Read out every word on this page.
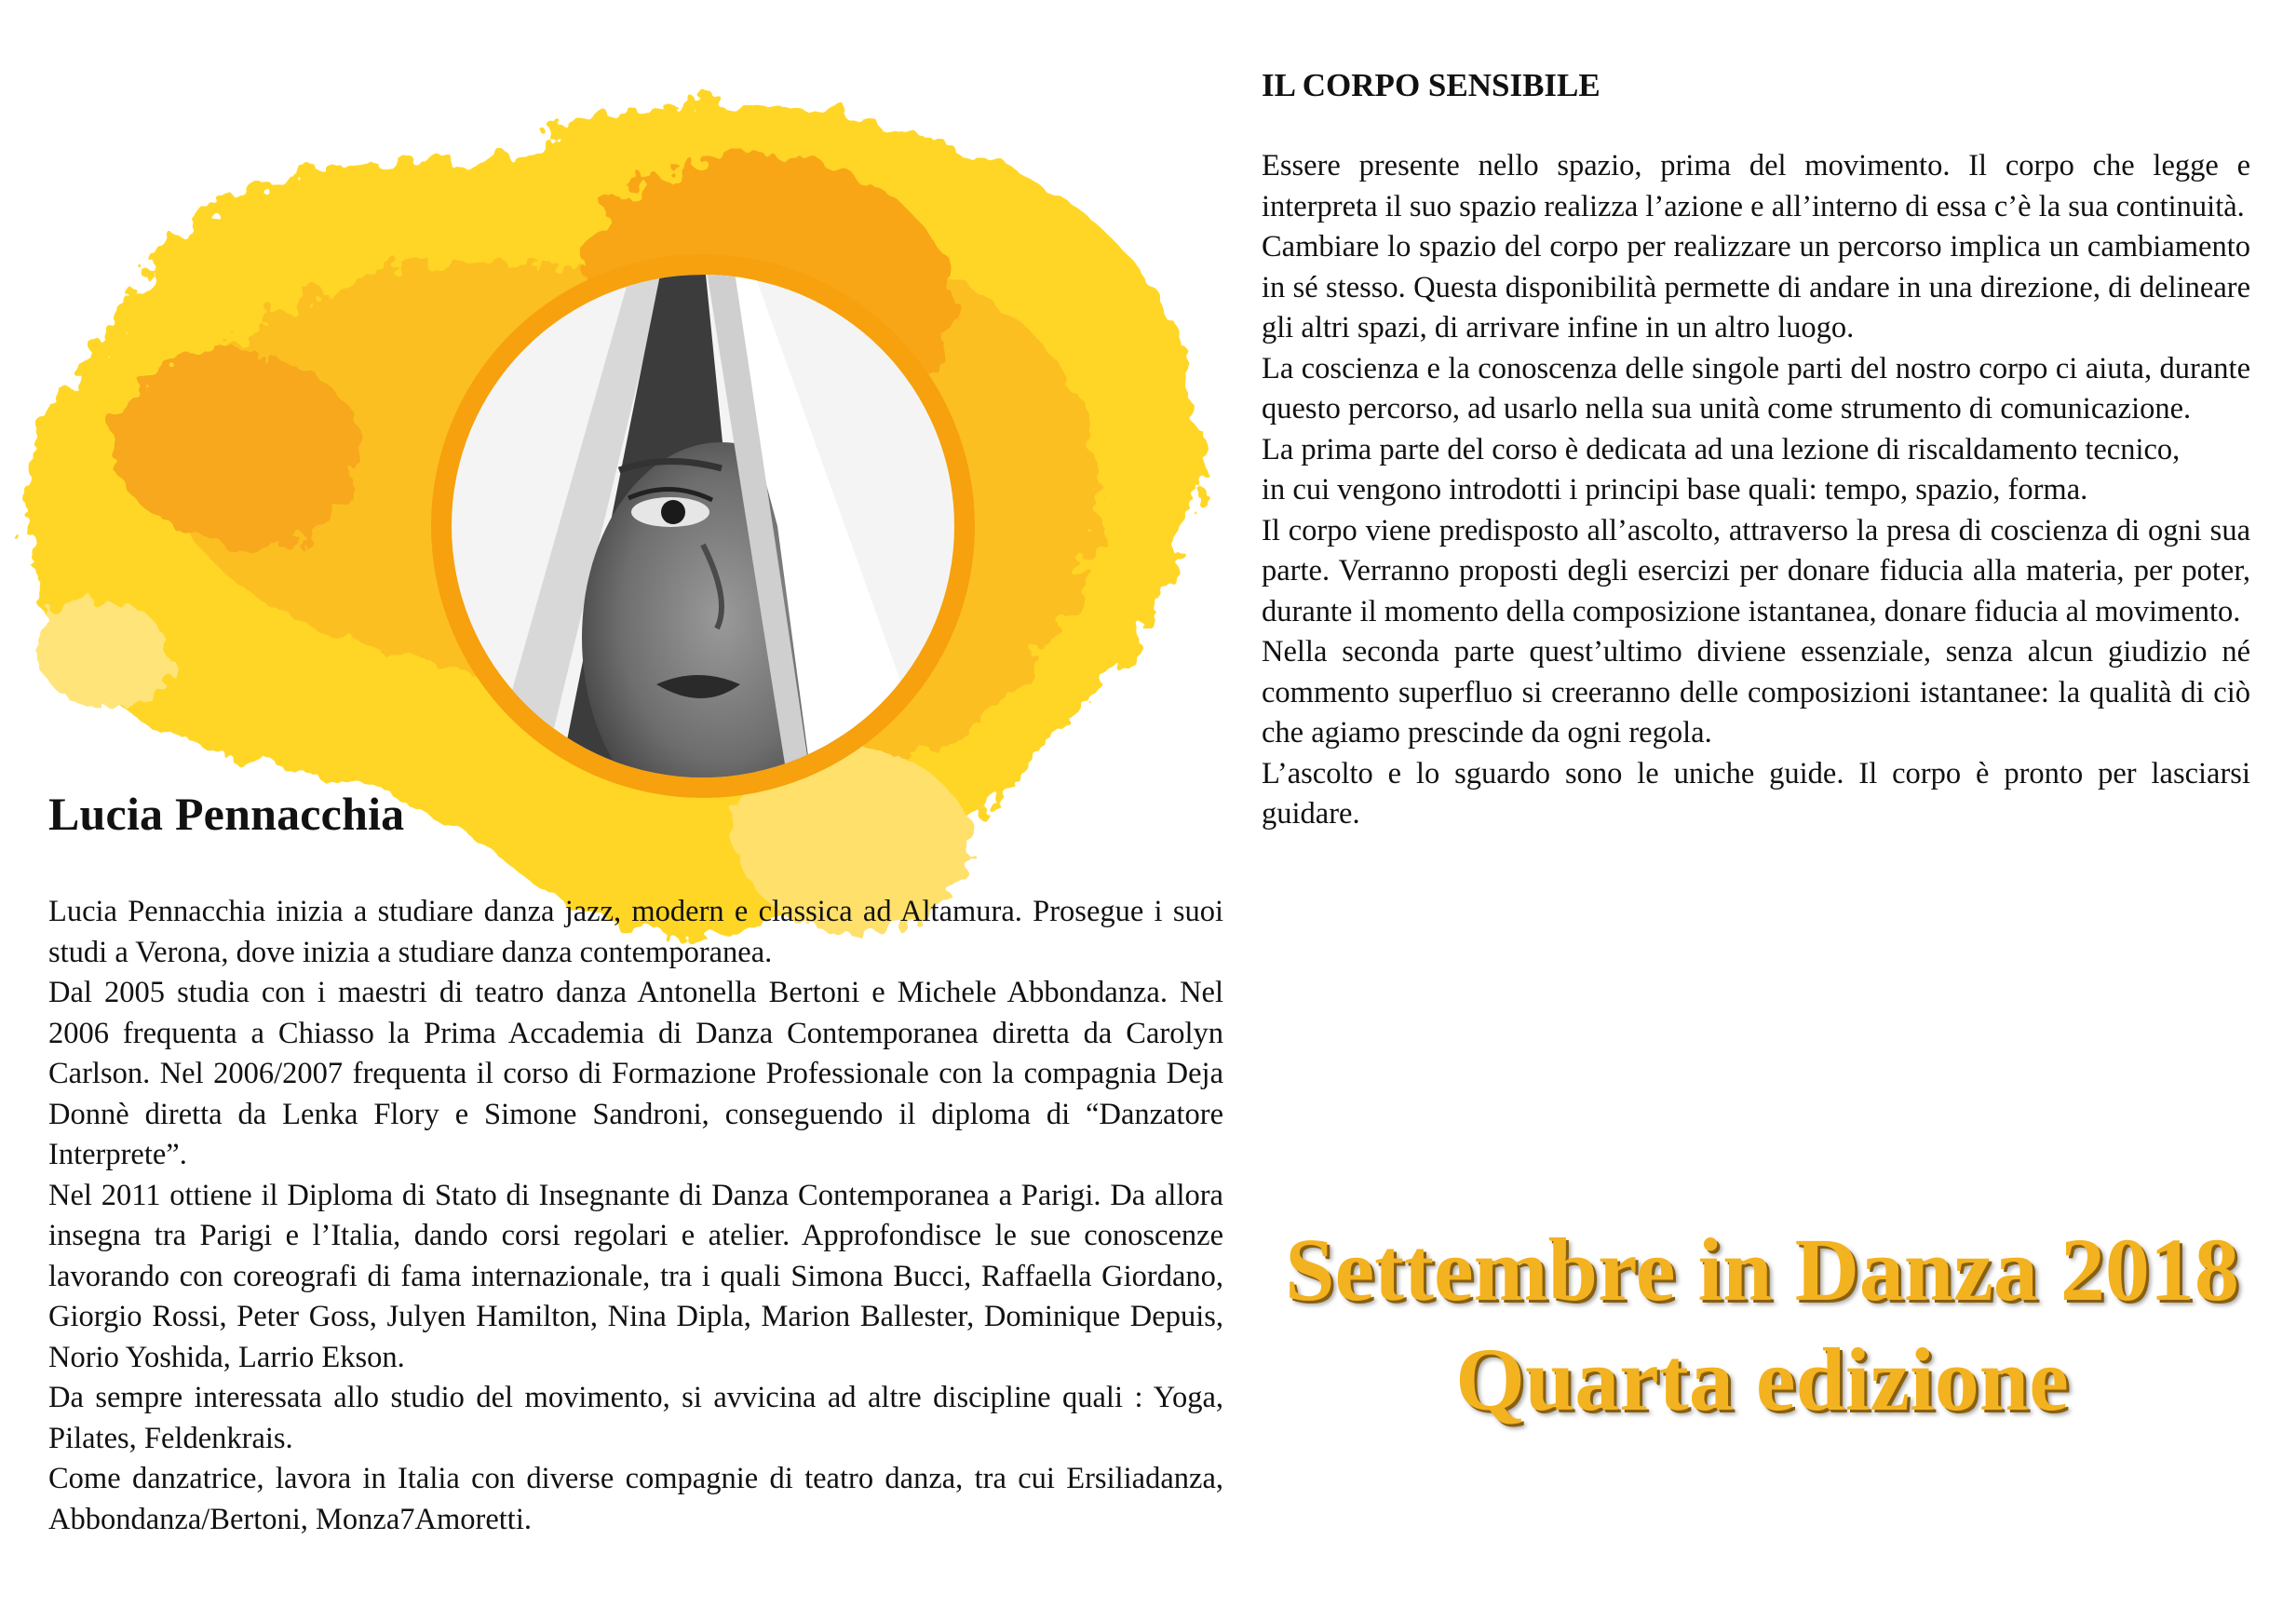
Lucia Pennacchia

Lucia Pennacchia inizia a studiare danza jazz, modern e classica ad Altamura. Prosegue i suoi studi a Verona, dove inizia a studiare danza contemporanea.

Dal 2005 studia con i maestri di teatro danza Antonella Bertoni e Michele Abbondanza. Nel 2006 frequenta a Chiasso la Prima Accademia di Danza Contemporanea diretta da Carolyn Carlson. Nel 2006/2007 frequenta il corso di Formazione Professionale con la compagnia Deja Donnè diretta da Lenka Flory e Simone Sandroni, conseguendo il diploma di “Danzatore Interprete”.

Nel 2011 ottiene il Diploma di Stato di Insegnante di Danza Contemporanea a Parigi. Da allora insegna tra Parigi e l’Italia, dando corsi regolari e atelier. Approfondisce le sue conoscenze lavorando con coreografi di fama internazionale, tra i quali Simona Bucci, Raffaella Giordano, Giorgio Rossi, Peter Goss, Julyen Hamilton, Nina Dipla, Marion Ballester, Dominique Depuis, Norio Yoshida, Larrio Ekson.

Da sempre interessata allo studio del movimento, si avvicina ad altre discipline quali : Yoga, Pilates, Feldenkrais.

Come danzatrice, lavora in Italia con diverse compagnie di teatro danza, tra cui Ersiliadanza, Abbondanza/Bertoni, Monza7Amoretti.

IL CORPO SENSIBILE

Essere presente nello spazio, prima del movimento. Il corpo che legge e interpreta il suo spazio realizza l’azione e all’interno di essa c’è la sua continuità.

Cambiare lo spazio del corpo per realizzare un percorso implica un cambiamento in sé stesso. Questa disponibilità permette di andare in una direzione, di delineare gli altri spazi, di arrivare infine in un altro luogo.

La coscienza e la conoscenza delle singole parti del nostro corpo ci aiuta, durante questo percorso, ad usarlo nella sua unità come strumento di comunicazione.

La prima parte del corso è dedicata ad una lezione di riscaldamento tecnico,

in cui vengono introdotti i principi base quali: tempo, spazio, forma.

Il corpo viene predisposto all’ascolto, attraverso la presa di coscienza di ogni sua parte. Verranno proposti degli esercizi per donare fiducia alla materia, per poter, durante il momento della composizione istantanea, donare fiducia al movimento.

Nella seconda parte quest’ultimo diviene essenziale, senza alcun giudizio né commento superfluo si creeranno delle composizioni istantanee: la qualità di ciò che agiamo prescinde da ogni regola.

L’ascolto e lo sguardo sono le uniche guide. Il corpo è pronto per lasciarsi guidare.

Settembre in Danza 2018
Quarta edizione
